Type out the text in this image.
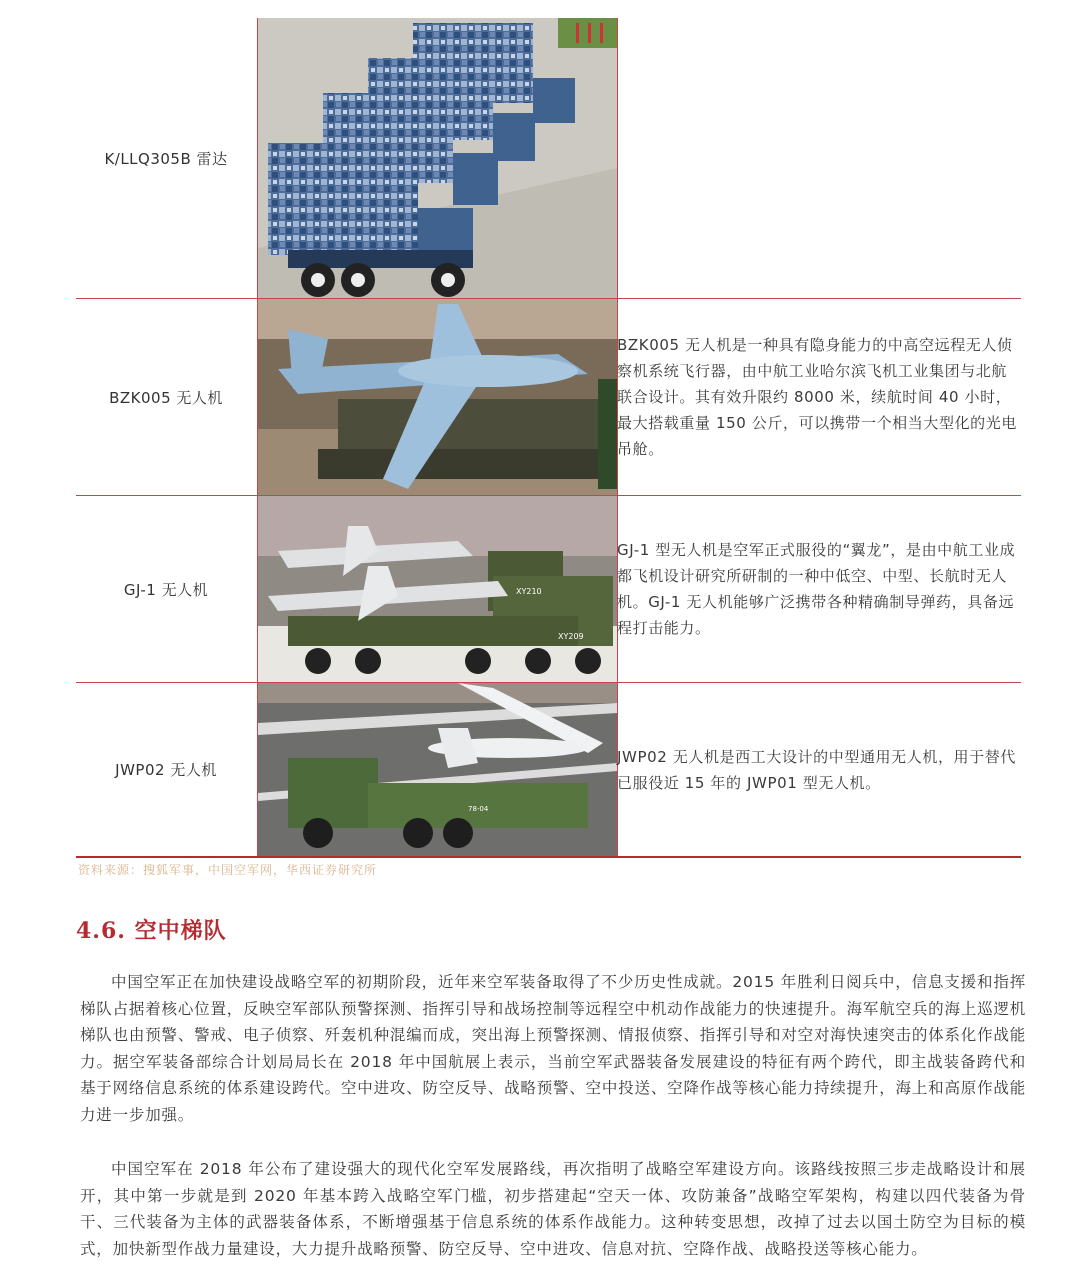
K/LLQ305B 雷达
BZK005 无人机
BZK005 无人机是一种具有隐身能力的中高空远程无人侦察机系统飞行器，由中航工业哈尔滨飞机工业集团与北航联合设计。其有效升限约 8000 米，续航时间 40 小时，最大搭载重量 150 公斤，可以携带一个相当大型化的光电吊舱。
GJ-1 无人机	XY210
XY209
GJ-1 型无人机是空军正式服役的“翼龙”，是由中航工业成都飞机设计研究所研制的一种中低空、中型、长航时无人机。GJ-1 无人机能够广泛携带各种精确制导弹药，具备远程打击能力。
JWP02 无人机
78-04
JWP02 无人机是西工大设计的中型通用无人机，用于替代已服役近 15 年的 JWP01 型无人机。
资料来源：搜狐军事，中国空军网，华西证券研究所
4.6. 空中梯队

中国空军正在加快建设战略空军的初期阶段，近年来空军装备取得了不少历史性成就。2015 年胜利日阅兵中，信息支援和指挥梯队占据着核心位置，反映空军部队预警探测、指挥引导和战场控制等远程空中机动作战能力的快速提升。海军航空兵的海上巡逻机梯队也由预警、警戒、电子侦察、歼轰机种混编而成，突出海上预警探测、情报侦察、指挥引导和对空对海快速突击的体系化作战能力。据空军装备部综合计划局局长在 2018 年中国航展上表示，当前空军武器装备发展建设的特征有两个跨代，即主战装备跨代和基于网络信息系统的体系建设跨代。空中进攻、防空反导、战略预警、空中投送、空降作战等核心能力持续提升，海上和高原作战能力进一步加强。

中国空军在 2018 年公布了建设强大的现代化空军发展路线，再次指明了战略空军建设方向。该路线按照三步走战略设计和展开，其中第一步就是到 2020 年基本跨入战略空军门槛，初步搭建起“空天一体、攻防兼备”战略空军架构，构建以四代装备为骨干、三代装备为主体的武器装备体系，不断增强基于信息系统的体系作战能力。这种转变思想，改掉了过去以国土防空为目标的模式，加快新型作战力量建设，大力提升战略预警、防空反导、空中进攻、信息对抗、空降作战、战略投送等核心能力。
